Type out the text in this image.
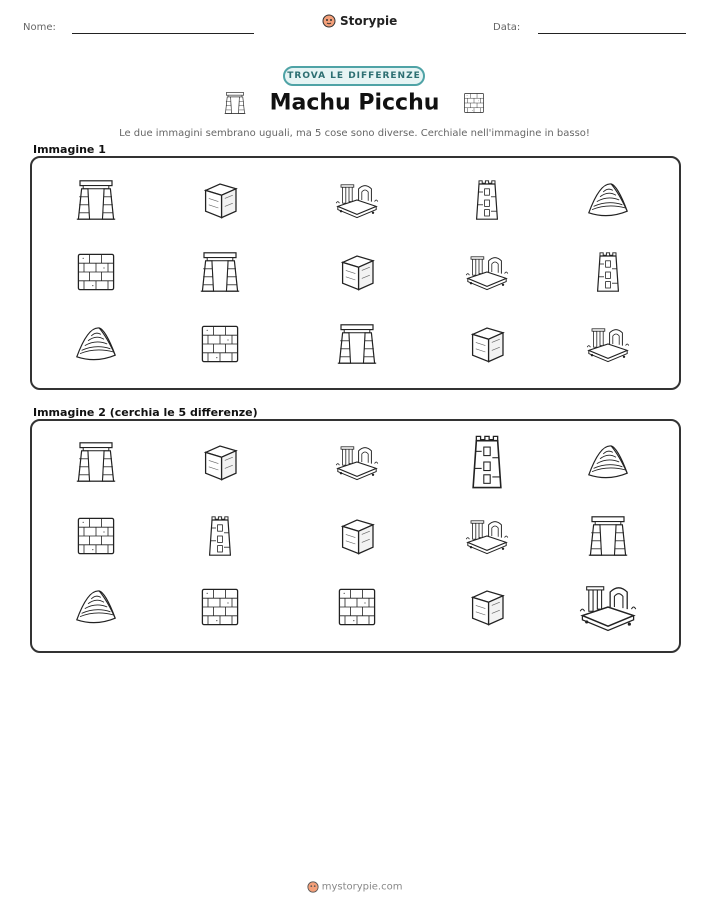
Nome:	Storypie	Data:
TROVA LE DIFFERENZE
Machu Picchu
Le due immagini sembrano uguali, ma 5 cose sono diverse. Cerchiale nell'immagine in basso!
Immagine 1
Immagine 2 (cerchia le 5 differenze)
mystorypie.com
